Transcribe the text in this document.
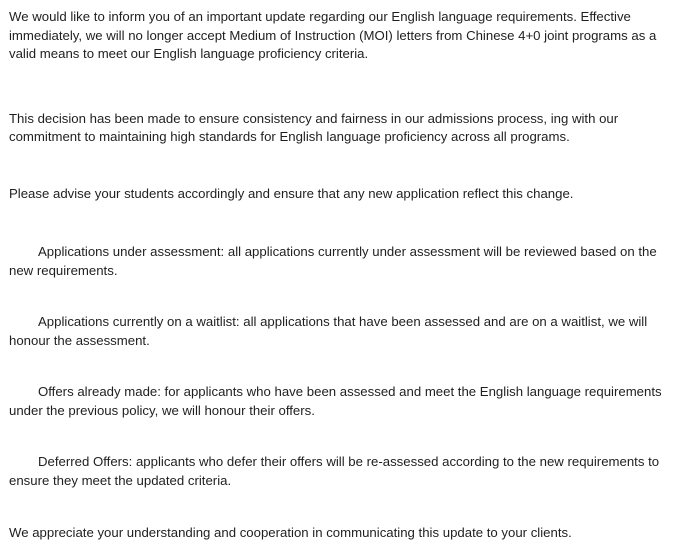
We would like to inform you of an important update regarding our English language requirements. Effective immediately, we will no longer accept Medium of Instruction (MOI) letters from Chinese 4+0 joint programs as a valid means to meet our English language proficiency criteria.

This decision has been made to ensure consistency and fairness in our admissions process, ing with our commitment to maintaining high standards for English language proficiency across all programs.

Please advise your students accordingly and ensure that any new application reflect this change.

Applications under assessment: all applications currently under assessment will be reviewed based on the new requirements.

Applications currently on a waitlist: all applications that have been assessed and are on a waitlist, we will honour the assessment.

Offers already made: for applicants who have been assessed and meet the English language requirements under the previous policy, we will honour their offers.

Deferred Offers: applicants who defer their offers will be re-assessed according to the new requirements to ensure they meet the updated criteria.

We appreciate your understanding and cooperation in communicating this update to your clients.
